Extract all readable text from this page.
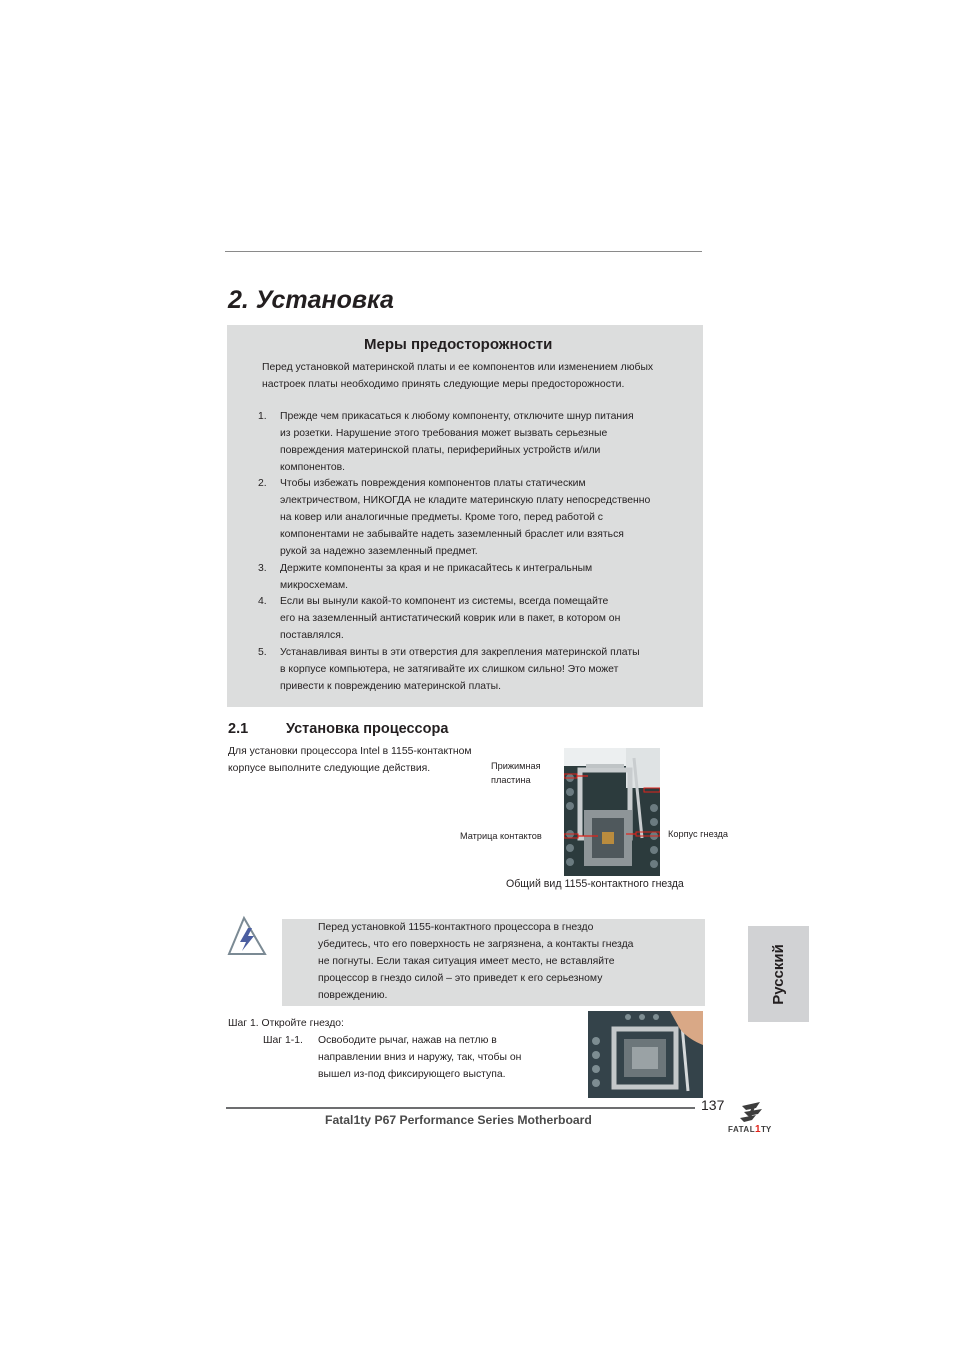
2. Установка
Меры предосторожности
Перед установкой материнской платы и ее компонентов или изменением любых
настроек платы необходимо принять следующие меры предосторожности.
1.	Прежде чем прикасаться к любому компоненту, отключите шнур питания
из розетки. Нарушение этого требования может вызвать серьезные
повреждения материнской платы, периферийных устройств и/или
компонентов.
2.	Чтобы избежать повреждения компонентов платы статическим
электричеством, НИКОГДА не кладите материнскую плату непосредственно
на ковер или аналогичные предметы. Кроме того, перед работой с
компонентами не забывайте надеть заземленный браслет или взяться
рукой за надежно заземленный предмет.
3.	Держите компоненты за края и не прикасайтесь к интегральным
микросхемам.
4.	Если вы вынули какой-то компонент из системы, всегда помещайте
его на заземленный антистатический коврик или в пакет, в котором он
поставлялся.
5.	Устанавливая винты в эти отверстия для закрепления материнской платы
в корпусе компьютера, не затягивайте их слишком сильно! Это может
привести к повреждению материнской платы.
2.1	Установка процессора
Для установки процессора Intel в 1155-контактном
корпусе выполните следующие действия.	Прижимная
пластина
Матрица контактов	Корпус гнезда
Общий вид 1155-контактного гнезда
Перед установкой 1155-контактного процессора в гнездо
убедитесь, что его поверхность не загрязнена, а контакты гнезда
не погнуты. Если такая ситуация имеет место, не вставляйте
процессор в гнездо силой – это приведет к его серьезному
повреждению.	Русский
Шаг 1. Откройте гнездо:
Шаг 1-1. Освободите рычаг, нажав на петлю в
направлении вниз и наружу, так, чтобы он
вышел из-под фиксирующего выступа.
137
Fatal1ty P67 Performance Series Motherboard
FATAL 1 TY
